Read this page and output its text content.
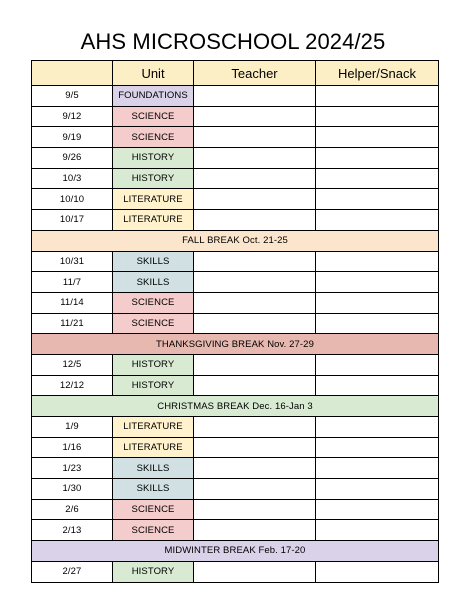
AHS MICROSCHOOL 2024/25
	Unit	Teacher	Helper/Snack
9/5	FOUNDATIONS		
9/12	SCIENCE		
9/19	SCIENCE		
9/26	HISTORY		
10/3	HISTORY		
10/10	LITERATURE		
10/17	LITERATURE		
FALL BREAK Oct. 21-25			
10/31	SKILLS		
11/7	SKILLS		
11/14	SCIENCE		
11/21	SCIENCE		
THANKSGIVING BREAK Nov. 27-29			
12/5	HISTORY		
12/12	HISTORY		
CHRISTMAS BREAK Dec. 16-Jan 3			
1/9	LITERATURE		
1/16	LITERATURE		
1/23	SKILLS		
1/30	SKILLS		
2/6	SCIENCE		
2/13	SCIENCE		
MIDWINTER BREAK Feb. 17-20			
2/27	HISTORY		
